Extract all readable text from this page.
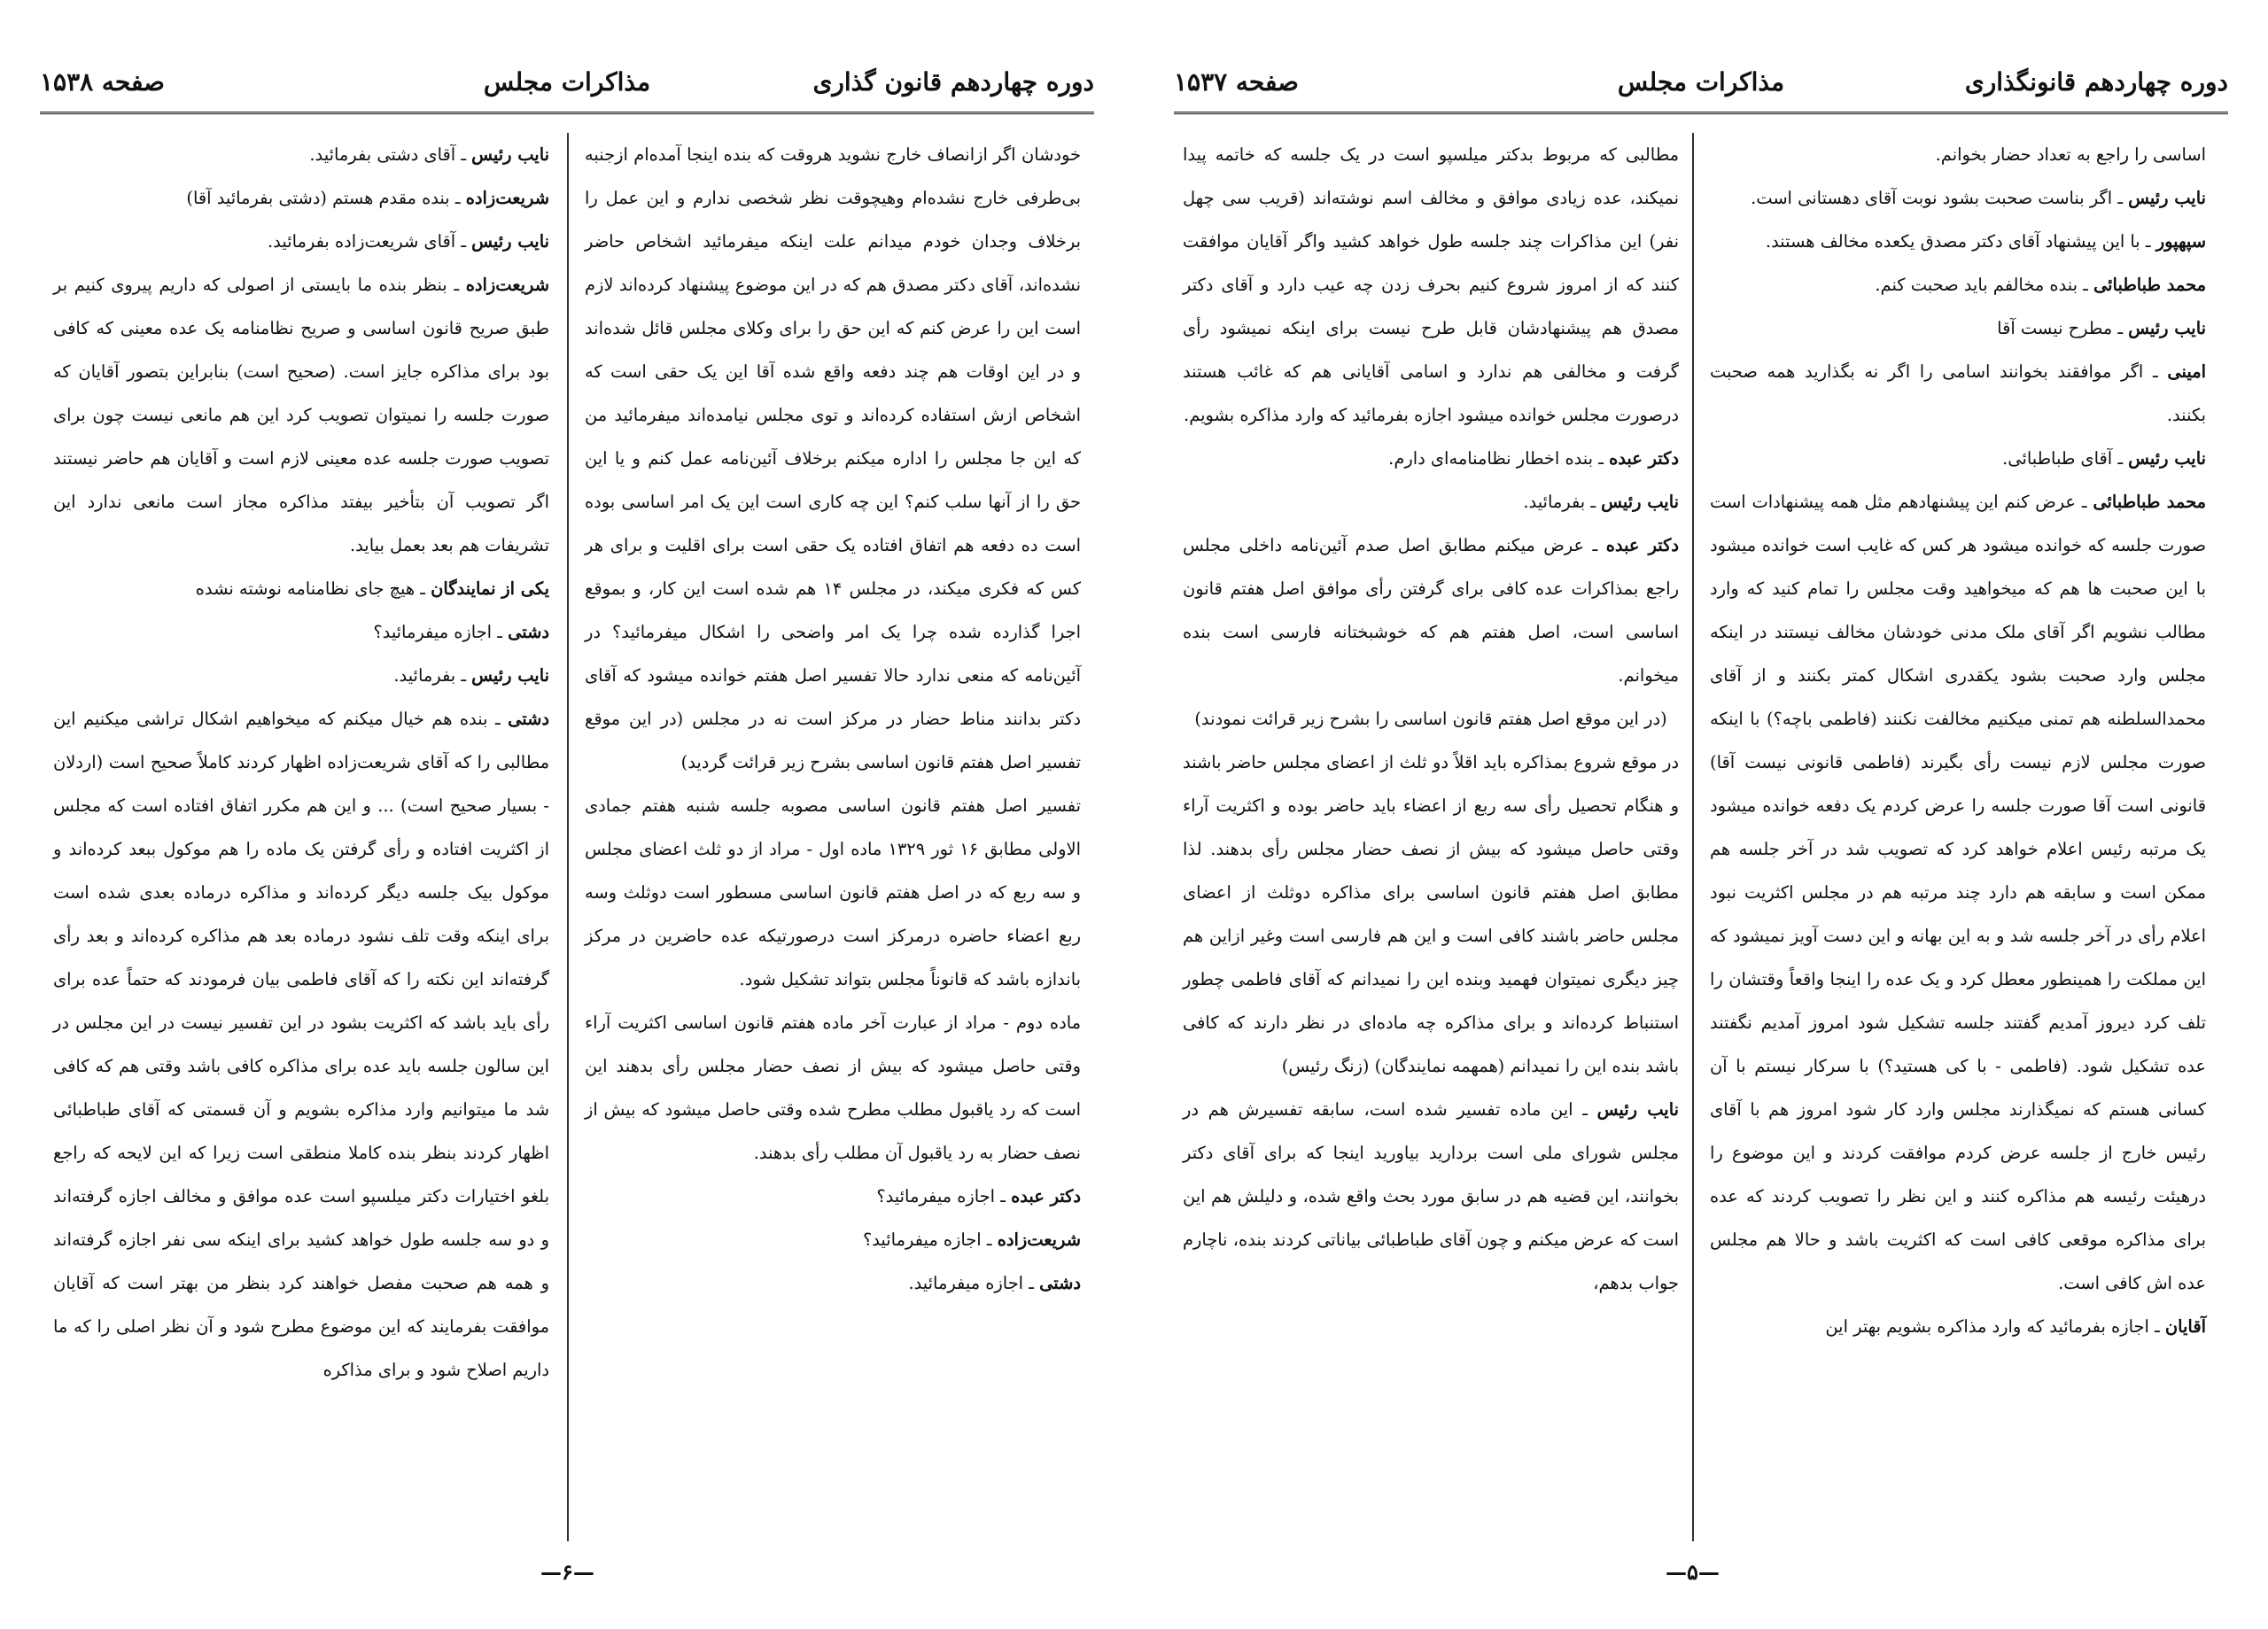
دوره چهاردهم قانون گذاری
مذاکرات مجلس
صفحه ۱۵۳۸

خودشان اگر ازانصاف خارج نشوید هروقت که بنده اینجا آمده‌ام ازجنبه بی‌طرفی خارج نشده‌ام وهیچوقت نظر شخصی ندارم و این عمل را برخلاف وجدان خودم میدانم علت اینکه میفرمائید اشخاص حاضر نشده‌اند، آقای دکتر مصدق هم که در این موضوع پیشنهاد کرده‌اند لازم است این را عرض کنم که این حق را برای وکلای مجلس قائل شده‌اند و در این اوقات هم چند دفعه واقع شده آقا این یک حقی است که اشخاص ازش استفاده کرده‌اند و توی مجلس نیامده‌اند میفرمائید من که این جا مجلس را اداره میکنم برخلاف آئین‌نامه عمل کنم و یا این حق را از آنها سلب کنم؟ این چه کاری است این یک امر اساسی بوده است ده دفعه هم اتفاق افتاده یک حقی است برای اقلیت و برای هر کس که فکری میکند، در مجلس ۱۴ هم شده است این کار، و بموقع اجرا گذارده شده چرا یک امر واضحی را اشکال میفرمائید؟ در آئین‌نامه که منعی ندارد حالا تفسیر اصل هفتم خوانده میشود که آقای دکتر بدانند مناط حضار در مرکز است نه در مجلس (در این موقع تفسیر اصل هفتم قانون اساسی بشرح زیر قرائت گردید)

تفسیر اصل هفتم قانون اساسی مصوبه جلسه شنبه هفتم جمادی الاولی مطابق ۱۶ ثور ۱۳۲۹ ماده اول - مراد از دو ثلث اعضای مجلس و سه ربع که در اصل هفتم قانون اساسی مسطور است دوثلث وسه ربع اعضاء حاضره درمرکز است درصورتیکه عده حاضرین در مرکز باندازه باشد که قانوناً مجلس بتواند تشکیل شود.

ماده دوم - مراد از عبارت آخر ماده هفتم قانون اساسی اکثریت آراء وقتی حاصل میشود که بیش از نصف حضار مجلس رأی بدهند این است که رد یاقبول مطلب مطرح شده وقتی حاصل میشود که بیش از نصف حضار به رد یاقبول آن مطلب رأی بدهند.

دکتر عبده ـ اجازه میفرمائید؟

شریعت‌زاده ـ اجازه میفرمائید؟

دشتی ـ اجازه میفرمائید.

نایب رئیس ـ آقای دشتی بفرمائید.

شریعت‌زاده ـ بنده مقدم هستم (دشتی بفرمائید آقا)

نایب رئیس ـ آقای شریعت‌زاده بفرمائید.

شریعت‌زاده ـ بنظر بنده ما بایستی از اصولی که داریم پیروی کنیم بر طبق صریح قانون اساسی و صریح نظامنامه یک عده معینی که کافی بود برای مذاکره جایز است. (صحیح است) بنابراین بتصور آقایان که صورت جلسه را نمیتوان تصویب کرد این هم مانعی نیست چون برای تصویب صورت جلسه عده معینی لازم است و آقایان هم حاضر نیستند اگر تصویب آن بتأخیر بیفتد مذاکره مجاز است مانعی ندارد این تشریفات هم بعد بعمل بیاید.

یکی از نمایندگان ـ هیچ جای نظامنامه نوشته نشده

دشتی ـ اجازه میفرمائید؟

نایب رئیس ـ بفرمائید.

دشتی ـ بنده هم خیال میکنم که میخواهیم اشکال تراشی میکنیم این مطالبی را که آقای شریعت‌زاده اظهار کردند کاملاً صحیح است (اردلان - بسیار صحیح است) ... و این هم مکرر اتفاق افتاده است که مجلس از اکثریت افتاده و رأی گرفتن یک ماده را هم موکول ببعد کرده‌اند و موکول بیک جلسه دیگر کرده‌اند و مذاکره درماده بعدی شده است برای اینکه وقت تلف نشود درماده بعد هم مذاکره کرده‌اند و بعد رأی گرفته‌اند این نکته را که آقای فاطمی بیان فرمودند که حتماً عده برای رأی باید باشد که اکثریت بشود در این تفسیر نیست در این مجلس در این سالون جلسه باید عده برای مذاکره کافی باشد وقتی هم که کافی شد ما میتوانیم وارد مذاکره بشویم و آن قسمتی که آقای طباطبائی اظهار کردند بنظر بنده کاملا منطقی است زیرا که این لایحه که راجع بلغو اختیارات دکتر میلسپو است عده موافق و مخالف اجازه گرفته‌اند و دو سه جلسه طول خواهد کشید برای اینکه سی نفر اجازه گرفته‌اند و همه هم صحبت مفصل خواهند کرد بنظر من بهتر است که آقایان موافقت بفرمایند که این موضوع مطرح شود و آن نظر اصلی را که ما داریم اصلاح شود و برای مذاکره

—۶—
دوره چهاردهم قانونگذاری
مذاکرات مجلس
صفحه ۱۵۳۷

اساسی را راجع به تعداد حضار بخوانم.

نایب رئیس ـ اگر بناست صحبت بشود نوبت آقای دهستانی است.

سپهپور ـ با این پیشنهاد آقای دکتر مصدق یکعده مخالف هستند.

محمد طباطبائی ـ بنده مخالفم باید صحبت کنم.

نایب رئیس ـ مطرح نیست آقا

امینی ـ اگر موافقند بخوانند اسامی را اگر نه بگذارید همه صحبت بکنند.

نایب رئیس ـ آقای طباطبائی.

محمد طباطبائی ـ عرض کنم این پیشنهادهم مثل همه پیشنهادات است صورت جلسه که خوانده میشود هر کس که غایب است خوانده میشود با این صحبت ها هم که میخواهید وقت مجلس را تمام کنید که وارد مطالب نشویم اگر آقای ملک مدنی خودشان مخالف نیستند در اینکه مجلس وارد صحبت بشود یکقدری اشکال کمتر بکنند و از آقای محمدالسلطنه هم تمنی میکنیم مخالفت نکنند (فاطمی باچه؟) با اینکه صورت مجلس لازم نیست رأی بگیرند (فاطمی قانونی نیست آقا) قانونی است آقا صورت جلسه را عرض کردم یک دفعه خوانده میشود یک مرتبه رئیس اعلام خواهد کرد که تصویب شد در آخر جلسه هم ممکن است و سابقه هم دارد چند مرتبه هم در مجلس اکثریت نبود اعلام رأی در آخر جلسه شد و به این بهانه و این دست آویز نمیشود که این مملکت را همینطور معطل کرد و یک عده را اینجا واقعاً وقتشان را تلف کرد دیروز آمدیم گفتند جلسه تشکیل شود امروز آمدیم نگفتند عده تشکیل شود. (فاطمی - با کی هستید؟) با سرکار نیستم با آن کسانی هستم که نمیگذارند مجلس وارد کار شود امروز هم با آقای رئیس خارج از جلسه عرض کردم موافقت کردند و این موضوع را درهیئت رئیسه هم مذاکره کنند و این نظر را تصویب کردند که عده برای مذاکره موقعی کافی است که اکثریت باشد و حالا هم مجلس عده اش کافی است.

آقایان ـ اجازه بفرمائید که وارد مذاکره بشویم بهتر این

مطالبی که مربوط بدکتر میلسپو است در یک جلسه که خاتمه پیدا نمیکند، عده زیادی موافق و مخالف اسم نوشته‌اند (قریب سی چهل نفر) این مذاکرات چند جلسه طول خواهد کشید واگر آقایان موافقت کنند که از امروز شروع کنیم بحرف زدن چه عیب دارد و آقای دکتر مصدق هم پیشنهادشان قابل طرح نیست برای اینکه نمیشود رأی گرفت و مخالفی هم ندارد و اسامی آقایانی هم که غائب هستند درصورت مجلس خوانده میشود اجازه بفرمائید که وارد مذاکره بشویم.

دکتر عبده ـ بنده اخطار نظامنامه‌ای دارم.

نایب رئیس ـ بفرمائید.

دکتر عبده ـ عرض میکنم مطابق اصل صدم آئین‌نامه داخلی مجلس راجع بمذاکرات عده کافی برای گرفتن رأی موافق اصل هفتم قانون اساسی است، اصل هفتم هم که خوشبختانه فارسی است بنده میخوانم.

(در این موقع اصل هفتم قانون اساسی را بشرح زیر قرائت نمودند)

در موقع شروع بمذاکره باید اقلاً دو ثلث از اعضای مجلس حاضر باشند و هنگام تحصیل رأی سه ربع از اعضاء باید حاضر بوده و اکثریت آراء وقتی حاصل میشود که بیش از نصف حضار مجلس رأی بدهند. لذا مطابق اصل هفتم قانون اساسی برای مذاکره دوثلث از اعضای مجلس حاضر باشند کافی است و این هم فارسی است وغیر ازاین هم چیز دیگری نمیتوان فهمید وبنده این را نمیدانم که آقای فاطمی چطور استنباط کرده‌اند و برای مذاکره چه ماده‌ای در نظر دارند که کافی باشد بنده این را نمیدانم (همهمه نمایندگان) (زنگ رئیس)

نایب رئیس ـ این ماده تفسیر شده است، سابقه تفسیرش هم در مجلس شورای ملی است بردارید بیاورید اینجا که برای آقای دکتر بخوانند، این قضیه هم در سابق مورد بحث واقع شده، و دلیلش هم این است که عرض میکنم و چون آقای طباطبائی بیاناتی کردند بنده، ناچارم جواب بدهم،

—۵—
